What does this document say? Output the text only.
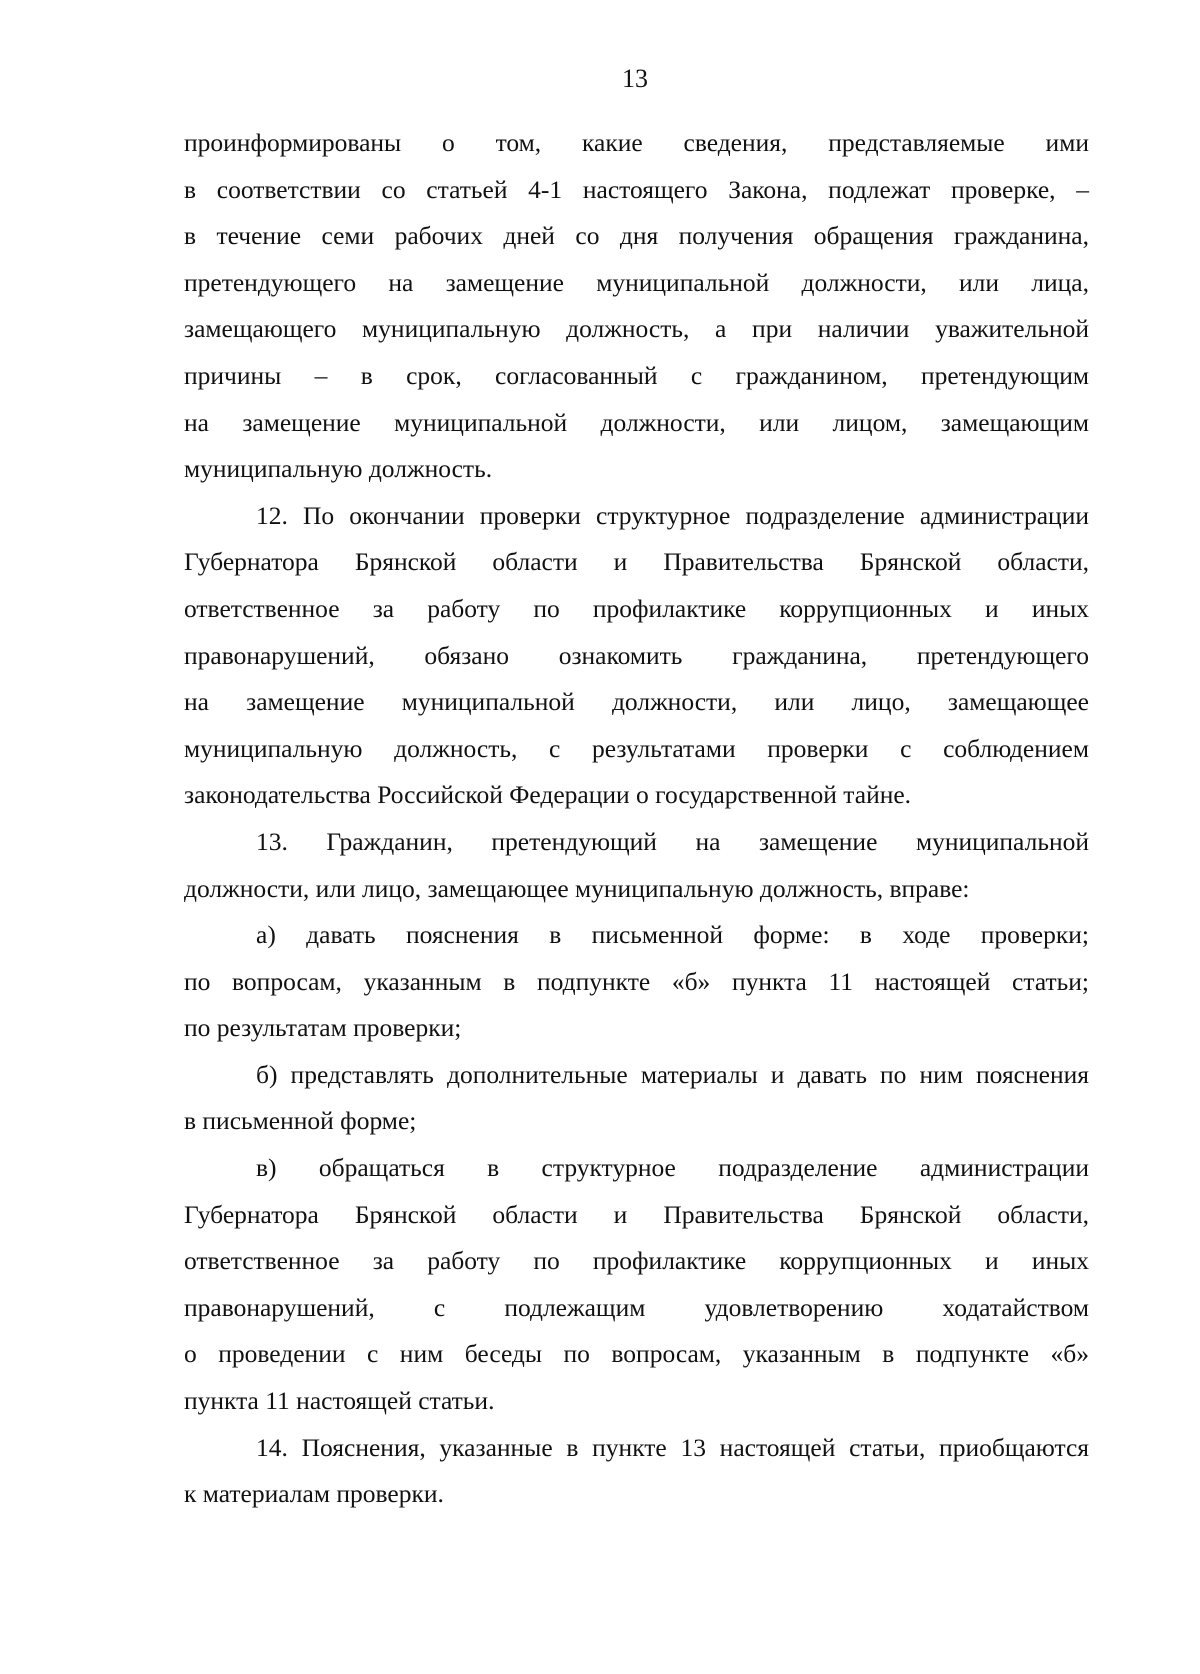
13
проинформированы о том, какие сведения, представляемые ими
в соответствии со статьей 4-1 настоящего Закона, подлежат проверке, –
в течение семи рабочих дней со дня получения обращения гражданина,
претендующего на замещение муниципальной должности, или лица,
замещающего муниципальную должность, а при наличии уважительной
причины – в срок, согласованный с гражданином, претендующим
на замещение муниципальной должности, или лицом, замещающим
муниципальную должность.
12. По окончании проверки структурное подразделение администрации
Губернатора Брянской области и Правительства Брянской области,
ответственное за работу по профилактике коррупционных и иных
правонарушений, обязано ознакомить гражданина, претендующего
на замещение муниципальной должности, или лицо, замещающее
муниципальную должность, с результатами проверки с соблюдением
законодательства Российской Федерации о государственной тайне.
13. Гражданин, претендующий на замещение муниципальной
должности, или лицо, замещающее муниципальную должность, вправе:
а) давать пояснения в письменной форме: в ходе проверки;
по вопросам, указанным в подпункте «б» пункта 11 настоящей статьи;
по результатам проверки;
б) представлять дополнительные материалы и давать по ним пояснения
в письменной форме;
в) обращаться в структурное подразделение администрации
Губернатора Брянской области и Правительства Брянской области,
ответственное за работу по профилактике коррупционных и иных
правонарушений, с подлежащим удовлетворению ходатайством
о проведении с ним беседы по вопросам, указанным в подпункте «б»
пункта 11 настоящей статьи.
14. Пояснения, указанные в пункте 13 настоящей статьи, приобщаются
к материалам проверки.
